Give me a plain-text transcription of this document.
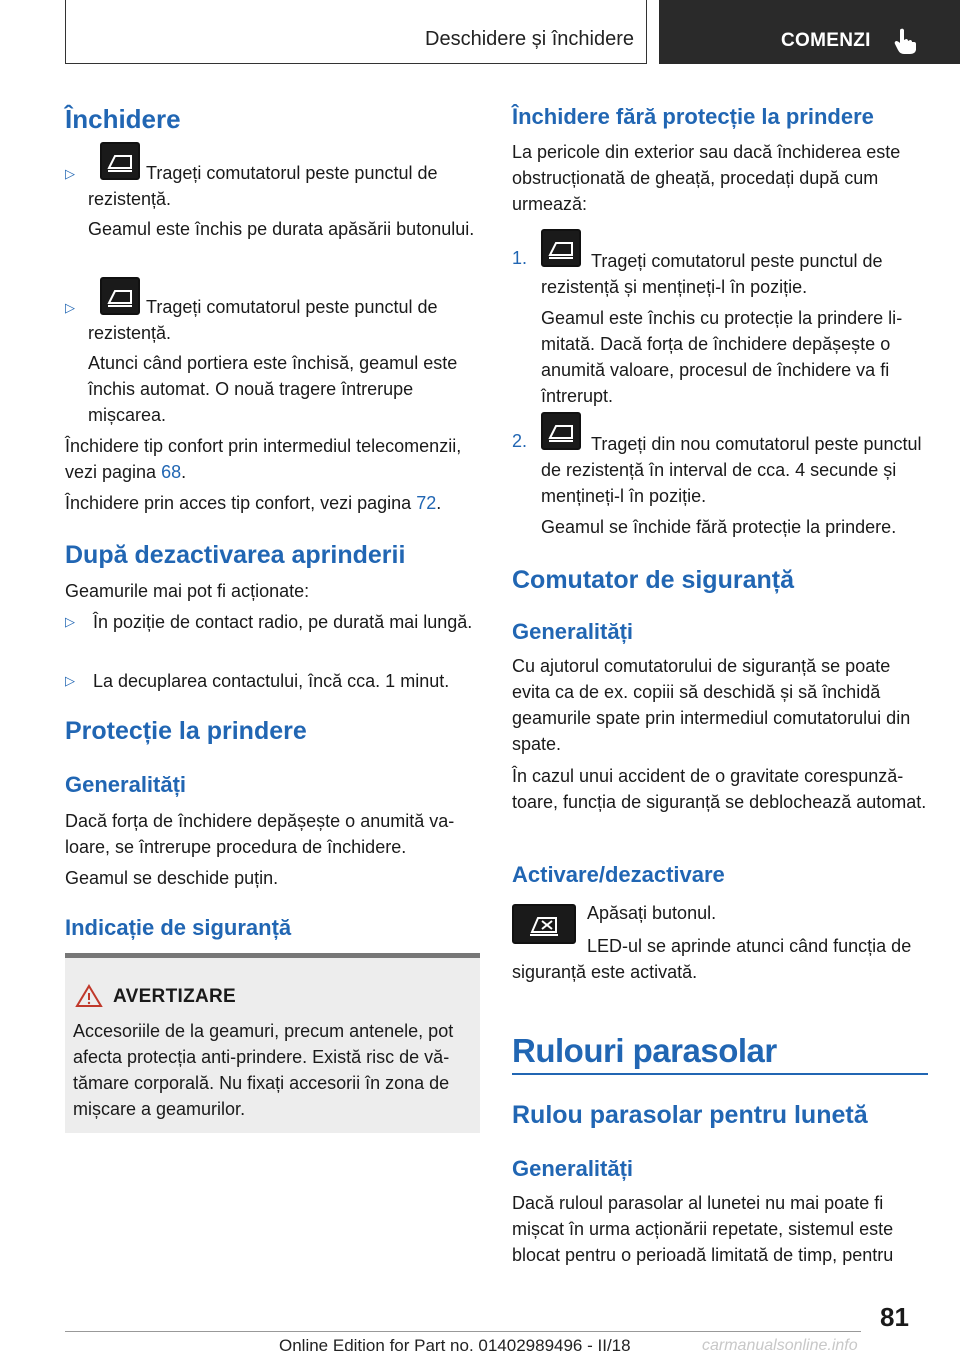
Deschidere și închidere	COMENZI
Închidere
▷	Trageți comutatorul peste punctul de rezistență.
Geamul este închis pe durata apăsării butonului.
▷	Trageți comutatorul peste punctul de rezistență.
Atunci când portiera este închisă, geamul este închis automat. O nouă tragere întrerupe mișcarea.
Închidere tip confort prin intermediul telecomenzii, vezi pagina 68.
Închidere prin acces tip confort, vezi pagina 72.
După dezactivarea aprinderii
Geamurile mai pot fi acționate:
▷ În poziție de contact radio, pe durată mai lungă.
▷ La decuplarea contactului, încă cca. 1 minut.
Protecție la prindere
Generalități
Dacă forța de închidere depășește o anumită valoare, se întrerupe procedura de închidere.
Geamul se deschide puțin.
Indicație de siguranță
AVERTIZARE
Accesoriile de la geamuri, precum antenele, pot afecta protecția anti-prindere. Există risc de vătămare corporală. Nu fixați accesorii în zona de mișcare a geamurilor.
Închidere fără protecție la prindere
La pericole din exterior sau dacă închiderea este obstrucționată de gheață, procedați după cum urmează:
1.	Trageți comutatorul peste punctul de rezistență și mențineți-l în poziție.
Geamul este închis cu protecție la prindere limitată. Dacă forța de închidere depășește o anumită valoare, procesul de închidere va fi întrerupt.
2.	Trageți din nou comutatorul peste punctul de rezistență în interval de cca. 4 secunde și mențineți-l în poziție.
Geamul se închide fără protecție la prindere.
Comutator de siguranță
Generalități
Cu ajutorul comutatorului de siguranță se poate evita ca de ex. copiii să deschidă și să închidă geamurile spate prin intermediul comutatorului din spate.
În cazul unui accident de o gravitate corespunzătoare, funcția de siguranță se deblochează automat.
Activare/dezactivare
Apăsați butonul.
LED-ul se aprinde atunci când funcția de siguranță este activată.
Rulouri parasolar
Rulou parasolar pentru lunetă
Generalități
Dacă ruloul parasolar al lunetei nu mai poate fi mișcat în urma acționării repetate, sistemul este blocat pentru o perioadă limitată de timp, pentru
81
Online Edition for Part no. 01402989496 - II/18	carmanualsonline.info
